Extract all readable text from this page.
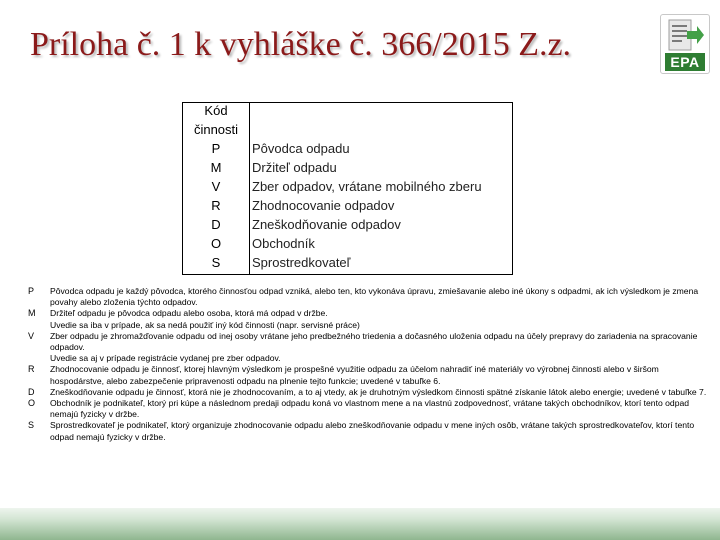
Príloha č. 1 k vyhláške č. 366/2015 Z.z.	EPA
Kód	
činnosti	
P	Pôvodca odpadu
M	Držiteľ odpadu
V	Zber odpadov, vrátane mobilného zberu
R	Zhodnocovanie odpadov
D	Zneškodňovanie odpadov
O	Obchodník
S	Sprostredkovateľ
P Pôvodca odpadu je každý pôvodca, ktorého činnosťou odpad vzniká, alebo ten, kto vykonáva úpravu, zmiešavanie alebo iné úkony s odpadmi, ak ich výsledkom je zmena povahy alebo zloženia týchto odpadov.

M Držiteľ odpadu je pôvodca odpadu alebo osoba, ktorá má odpad v držbe.

Uvedie sa iba v prípade, ak sa nedá použiť iný kód činnosti (napr. servisné práce)

V Zber odpadu je zhromažďovanie odpadu od inej osoby vrátane jeho predbežného triedenia a dočasného uloženia odpadu na účely prepravy do zariadenia na spracovanie odpadov.

Uvedie sa aj v prípade registrácie vydanej pre zber odpadov.

R Zhodnocovanie odpadu je činnosť, ktorej hlavným výsledkom je prospešné využitie odpadu za účelom nahradiť iné materiály vo výrobnej činnosti alebo v širšom hospodárstve, alebo zabezpečenie pripravenosti odpadu na plnenie tejto funkcie; uvedené v tabuľke 6.

D Zneškodňovanie odpadu je činnosť, ktorá nie je zhodnocovaním, a to aj vtedy, ak je druhotným výsledkom činnosti spätné získanie látok alebo energie; uvedené v tabuľke 7.

O Obchodník je podnikateľ, ktorý pri kúpe a následnom predaji odpadu koná vo vlastnom mene a na vlastnú zodpovednosť, vrátane takých obchodníkov, ktorí tento odpad nemajú fyzicky v držbe.

S Sprostredkovateľ je podnikateľ, ktorý organizuje zhodnocovanie odpadu alebo zneškodňovanie odpadu v mene iných osôb, vrátane takých sprostredkovateľov, ktorí tento odpad nemajú fyzicky v držbe.
